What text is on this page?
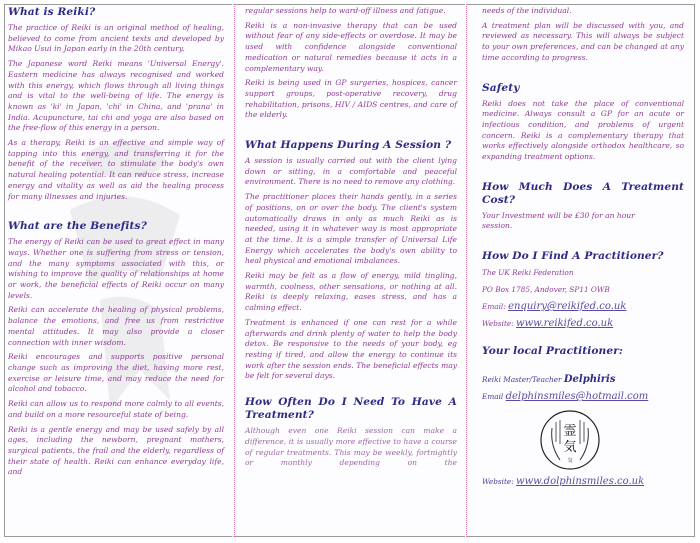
What is Reiki?

The practice of Reiki is an original method of healing, believed to come from ancient texts and developed by Mikao Usui in Japan early in the 20th century.

The Japanese word Reiki means 'Universal Energy'. Eastern medicine has always recognised and worked with this energy, which flows through all living things and is vital to the well-being of life. The energy is known as 'ki' in Japan, 'chi' in China, and 'prana' in India. Acupuncture, tai chi and yoga are also based on the free-flow of this energy in a person.

As a therapy, Reiki is an effective and simple way of tapping into this energy, and transferring it for the benefit of the receiver, to stimulate the body's own natural healing potential. It can reduce stress, increase energy and vitality as well as aid the healing process for many illnesses and injuries.

What are the Benefits?

The energy of Reiki can be used to great effect in many ways. Whether one is suffering from stress or tension, and the many symptoms associated with this, or wishing to improve the quality of relationships at home or work, the beneficial effects of Reiki occur on many levels.

Reiki can accelerate the healing of physical problems, balance the emotions, and free us from restrictive mental attitudes. It may also provide a closer connection with inner wisdom.

Reiki encourages and supports positive personal change such as improving the diet, having more rest, exercise or leisure time, and may reduce the need for alcohol and tobacco.

Reiki can allow us to respond more calmly to all events, and build on a more resourceful state of being.

Reiki is a gentle energy and may be used safely by all ages, including the newborn, pregnant mothers, surgical patients, the frail and the elderly, regardless of their state of health. Reiki can enhance everyday life, and

regular sessions help to ward-off illness and fatigue.

Reiki is a non-invasive therapy that can be used without fear of any side-effects or overdose. It may be used with confidence alongside conventional medication or natural remedies because it acts in a complementary way.

Reiki is being used in GP surgeries, hospices, cancer support groups, post-operative recovery, drug rehabilitation, prisons, HIV / AIDS centres, and care of the elderly.

What Happens During A Session ?

A session is usually carried out with the client lying down or sitting, in a comfortable and peaceful environment. There is no need to remove any clothing.

The practitioner places their hands gently, in a series of positions, on or over the body. The client's system automatically draws in only as much Reiki as is needed, using it in whatever way is most appropriate at the time. It is a simple transfer of Universal Life Energy which accelerates the body's own ability to heal physical and emotional imbalances.

Reiki may be felt as a flow of energy, mild tingling, warmth, coolness, other sensations, or nothing at all. Reiki is deeply relaxing, eases stress, and has a calming effect.

Treatment is enhanced if one can rest for a while afterwards and drink plenty of water to help the body detox. Be responsive to the needs of your body, eg resting if tired, and allow the energy to continue its work after the session ends. The beneficial effects may be felt for several days.

How Often Do I Need To Have A Treatment?

Although even one Reiki session can make a difference, it is usually more effective to have a course of regular treatments. This may be weekly, fortnightly or monthly depending on the

needs of the individual.

A treatment plan will be discussed with you, and reviewed as necessary. This will always be subject to your own preferences, and can be changed at any time according to progress.

Safety

Reiki does not take the place of conventional medicine. Always consult a GP for an acute or infectious condition, and problems of urgent concern. Reiki is a complementary therapy that works effectively alongside orthodox healthcare, so expanding treatment options.

How Much Does A Treatment Cost?

Your Investment will be £30 for an hour session.

How Do I Find A Practitioner?
The UK Reiki Federation
PO Box 1785, Andover, SP11 OWB
Email: enquiry@reikifed.co.uk
Website: www.reikifed.co.uk
Your local Practitioner:
Reiki Master/Teacher Delphiris
Email delphinsmiles@hotmail.com
霊
気
気
Website: www.dolphinsmiles.co.uk
